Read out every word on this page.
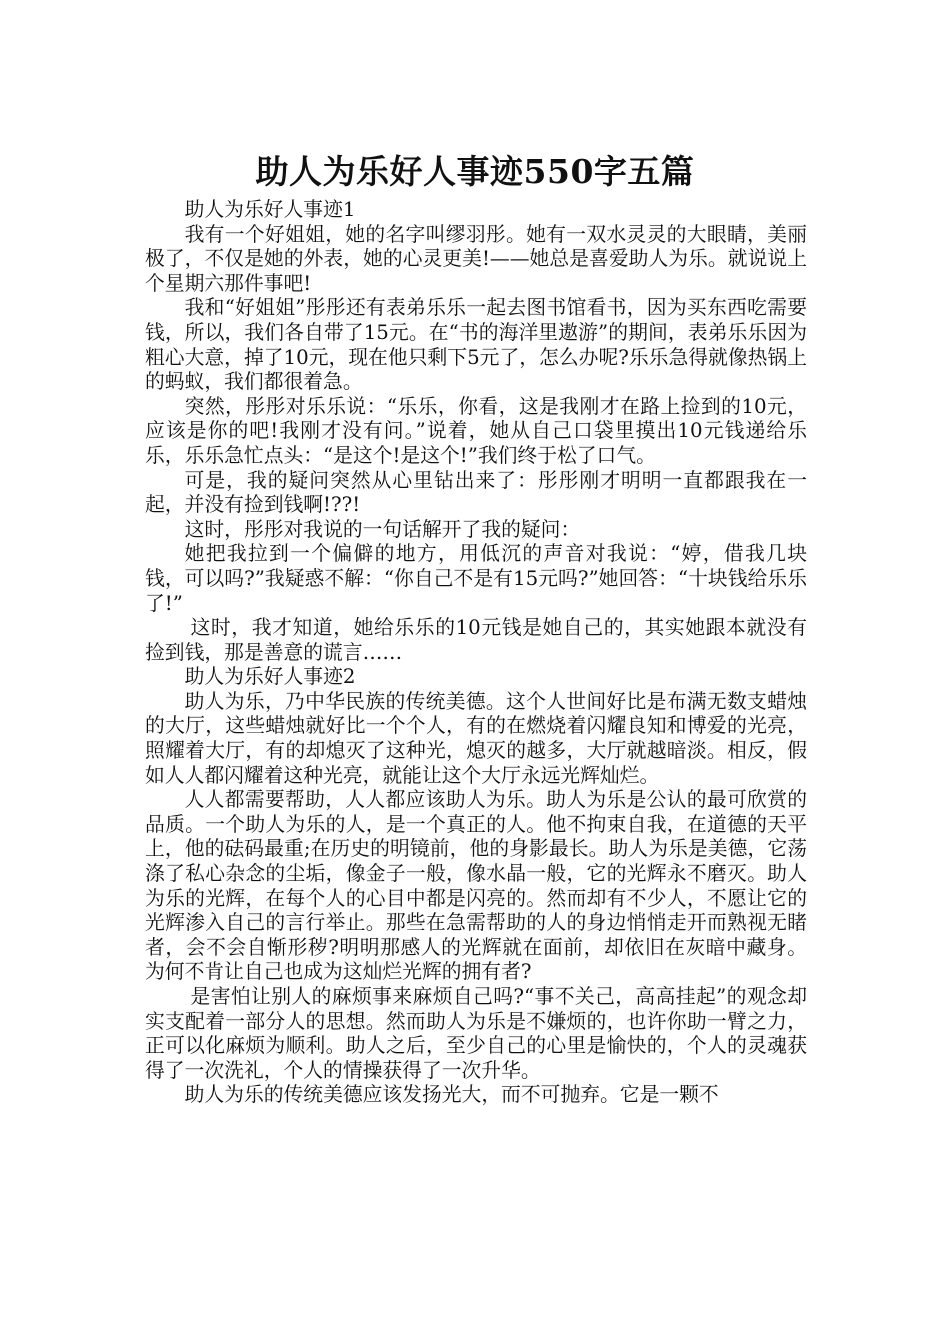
助人为乐好人事迹550字五篇

助人为乐好人事迹1

我有一个好姐姐，她的名字叫缪羽彤。她有一双水灵灵的大眼睛，美丽极了，不仅是她的外表，她的心灵更美!——她总是喜爱助人为乐。就说说上个星期六那件事吧!

我和“好姐姐”彤彤还有表弟乐乐一起去图书馆看书，因为买东西吃需要钱，所以，我们各自带了15元。在“书的海洋里遨游”的期间，表弟乐乐因为粗心大意，掉了10元，现在他只剩下5元了，怎么办呢?乐乐急得就像热锅上的蚂蚁，我们都很着急。

突然，彤彤对乐乐说：“乐乐，你看，这是我刚才在路上捡到的10元，应该是你的吧!我刚才没有问。”说着，她从自己口袋里摸出10元钱递给乐乐，乐乐急忙点头：“是这个!是这个!”我们终于松了口气。

可是，我的疑问突然从心里钻出来了：彤彤刚才明明一直都跟我在一起，并没有捡到钱啊!??!

这时，彤彤对我说的一句话解开了我的疑问：

她把我拉到一个偏僻的地方，用低沉的声音对我说：“婷，借我几块钱，可以吗?”我疑惑不解：“你自己不是有15元吗?”她回答：“十块钱给乐乐了!”

这时，我才知道，她给乐乐的10元钱是她自己的，其实她跟本就没有捡到钱，那是善意的谎言……

助人为乐好人事迹2

助人为乐，乃中华民族的传统美德。这个人世间好比是布满无数支蜡烛的大厅，这些蜡烛就好比一个个人，有的在燃烧着闪耀良知和博爱的光亮，照耀着大厅，有的却熄灭了这种光，熄灭的越多，大厅就越暗淡。相反，假如人人都闪耀着这种光亮，就能让这个大厅永远光辉灿烂。

人人都需要帮助，人人都应该助人为乐。助人为乐是公认的最可欣赏的品质。一个助人为乐的人，是一个真正的人。他不拘束自我，在道德的天平上，他的砝码最重;在历史的明镜前，他的身影最长。助人为乐是美德，它荡涤了私心杂念的尘垢，像金子一般，像水晶一般，它的光辉永不磨灭。助人为乐的光辉，在每个人的心目中都是闪亮的。然而却有不少人，不愿让它的光辉渗入自己的言行举止。那些在急需帮助的人的身边悄悄走开而熟视无睹者，会不会自惭形秽?明明那感人的光辉就在面前，却依旧在灰暗中藏身。为何不肯让自己也成为这灿烂光辉的拥有者?

是害怕让别人的麻烦事来麻烦自己吗?“事不关己，高高挂起”的观念却实支配着一部分人的思想。然而助人为乐是不嫌烦的，也许你助一臂之力，正可以化麻烦为顺利。助人之后，至少自己的心里是愉快的，个人的灵魂获得了一次洗礼，个人的情操获得了一次升华。

助人为乐的传统美德应该发扬光大，而不可抛弃。它是一颗不
